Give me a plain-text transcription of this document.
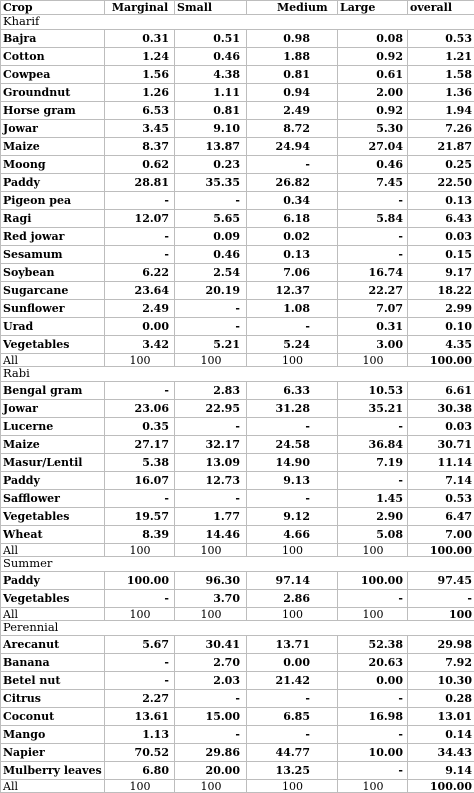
Crop	Marginal	Small	Medium	Large	overall
Kharif					
Bajra	0.31	0.51	0.98	0.08	0.53
Cotton	1.24	0.46	1.88	0.92	1.21
Cowpea	1.56	4.38	0.81	0.61	1.58
Groundnut	1.26	1.11	0.94	2.00	1.36
Horse gram	6.53	0.81	2.49	0.92	1.94
Jowar	3.45	9.10	8.72	5.30	7.26
Maize	8.37	13.87	24.94	27.04	21.87
Moong	0.62	0.23	-	0.46	0.25
Paddy	28.81	35.35	26.82	7.45	22.50
Pigeon pea	-	-	0.34	-	0.13
Ragi	12.07	5.65	6.18	5.84	6.43
Red jowar	-	0.09	0.02	-	0.03
Sesamum	-	0.46	0.13	-	0.15
Soybean	6.22	2.54	7.06	16.74	9.17
Sugarcane	23.64	20.19	12.37	22.27	18.22
Sunflower	2.49	-	1.08	7.07	2.99
Urad	0.00	-	-	0.31	0.10
Vegetables	3.42	5.21	5.24	3.00	4.35
All	100	100	100	100	100.00
Rabi					
Bengal gram	-	2.83	6.33	10.53	6.61
Jowar	23.06	22.95	31.28	35.21	30.38
Lucerne	0.35	-	-	-	0.03
Maize	27.17	32.17	24.58	36.84	30.71
Masur/Lentil	5.38	13.09	14.90	7.19	11.14
Paddy	16.07	12.73	9.13	-	7.14
Safflower	-	-	-	1.45	0.53
Vegetables	19.57	1.77	9.12	2.90	6.47
Wheat	8.39	14.46	4.66	5.08	7.00
All	100	100	100	100	100.00
Summer					
Paddy	100.00	96.30	97.14	100.00	97.45
Vegetables	-	3.70	2.86	-	-
All	100	100	100	100	100
Perennial					
Arecanut	5.67	30.41	13.71	52.38	29.98
Banana	-	2.70	0.00	20.63	7.92
Betel nut	-	2.03	21.42	0.00	10.30
Citrus	2.27	-	-	-	0.28
Coconut	13.61	15.00	6.85	16.98	13.01
Mango	1.13	-	-	-	0.14
Napier	70.52	29.86	44.77	10.00	34.43
Mulberry leaves	6.80	20.00	13.25	-	9.14
All	100	100	100	100	100.00
